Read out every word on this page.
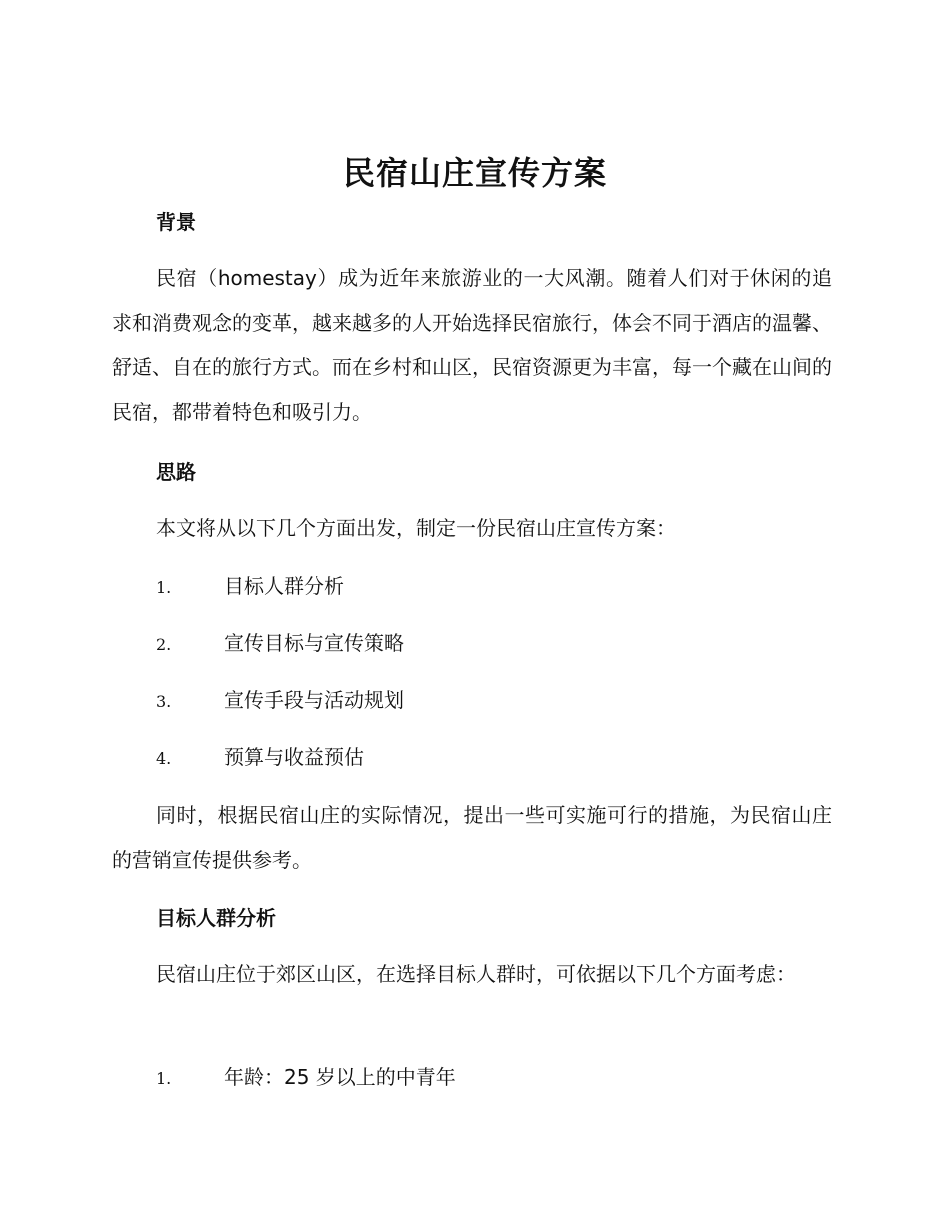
民宿山庄宣传方案
背景

民宿（homestay）成为近年来旅游业的一大风潮。随着人们对于休闲的追求和消费观念的变革，越来越多的人开始选择民宿旅行，体会不同于酒店的温馨、舒适、自在的旅行方式。而在乡村和山区，民宿资源更为丰富，每一个藏在山间的民宿，都带着特色和吸引力。

思路

本文将从以下几个方面出发，制定一份民宿山庄宣传方案：

1.	目标人群分析
2.	宣传目标与宣传策略
3.	宣传手段与活动规划
4.	预算与收益预估

同时，根据民宿山庄的实际情况，提出一些可实施可行的措施，为民宿山庄的营销宣传提供参考。

目标人群分析

民宿山庄位于郊区山区，在选择目标人群时，可依据以下几个方面考虑：

1.	年龄：25 岁以上的中青年
